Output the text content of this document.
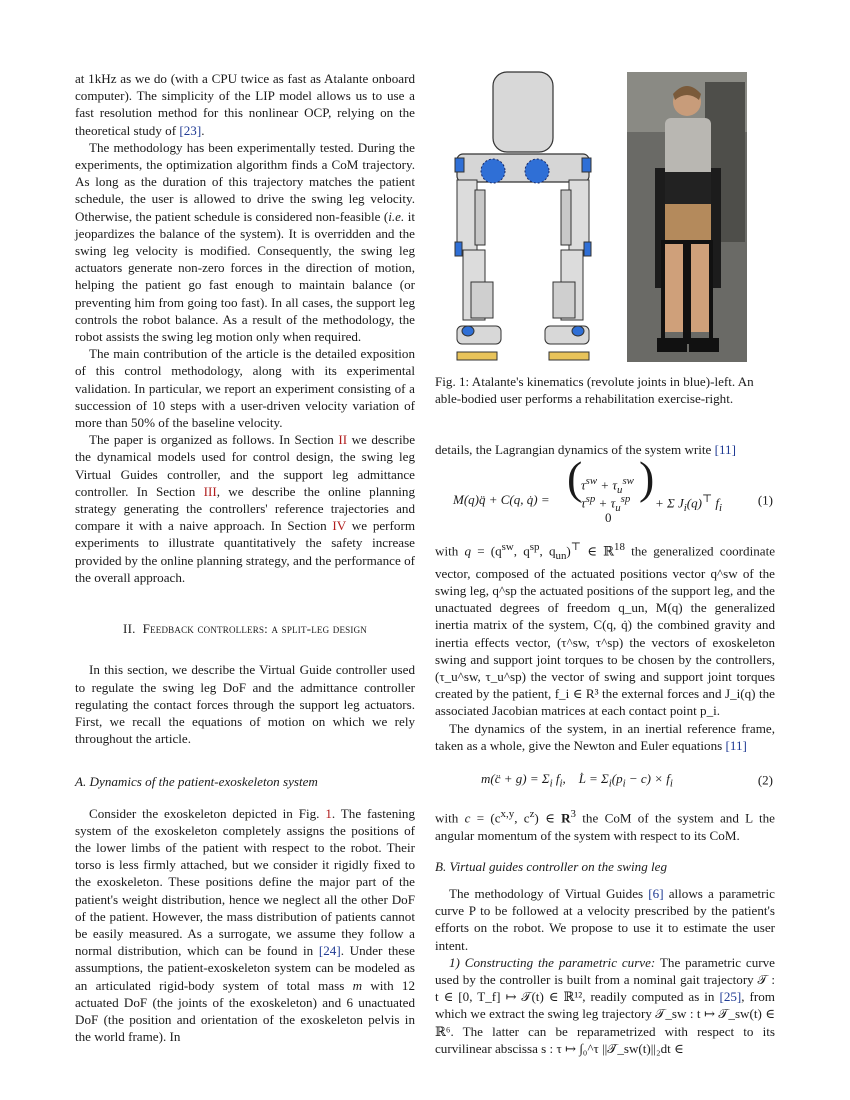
at 1kHz as we do (with a CPU twice as fast as Atalante onboard computer). The simplicity of the LIP model allows us to use a fast resolution method for this nonlinear OCP, relying on the theoretical study of [23].

The methodology has been experimentally tested. During the experiments, the optimization algorithm finds a CoM trajectory. As long as the duration of this trajectory matches the patient schedule, the user is allowed to drive the swing leg velocity. Otherwise, the patient schedule is considered non-feasible (i.e. it jeopardizes the balance of the system). It is overridden and the swing leg velocity is modified. Consequently, the swing leg actuators generate non-zero forces in the direction of motion, helping the patient go fast enough to maintain balance (or preventing him from going too fast). In all cases, the support leg controls the robot balance. As a result of the methodology, the robot assists the swing leg motion only when required.

The main contribution of the article is the detailed exposition of this control methodology, along with its experimental validation. In particular, we report an experiment consisting of a succession of 10 steps with a user-driven velocity variation of more than 50% of the baseline velocity.

The paper is organized as follows. In Section II we describe the dynamical models used for control design, the swing leg Virtual Guides controller, and the support leg admittance controller. In Section III, we describe the online planning strategy generating the controllers' reference trajectories and compare it with a naive approach. In Section IV we perform experiments to illustrate quantitatively the safety increase provided by the online planning strategy, and the performance of the overall approach.

II. Feedback controllers: a split-leg design

In this section, we describe the Virtual Guide controller used to regulate the swing leg DoF and the admittance controller regulating the contact forces through the support leg actuators. First, we recall the equations of motion on which we rely throughout the article.

A. Dynamics of the patient-exoskeleton system

Consider the exoskeleton depicted in Fig. 1. The fastening system of the exoskeleton completely assigns the positions of the lower limbs of the patient with respect to the robot. Their torso is less firmly attached, but we consider it rigidly fixed to the exoskeleton. These positions define the major part of the patient's weight distribution, hence we neglect all the other DoF of the patient. However, the mass distribution of patients cannot be easily measured. As a surrogate, we assume they follow a normal distribution, which can be found in [24]. Under these assumptions, the patient-exoskeleton system can be modeled as an articulated rigid-body system of total mass m with 12 actuated DoF (the joints of the exoskeleton) and 6 unactuated DoF (the position and orientation of the exoskeleton pelvis in the world frame). In

Fig. 1: Atalante's kinematics (revolute joints in blue)-left. An able-bodied user performs a rehabilitation exercise-right.

details, the Lagrangian dynamics of the system write [11]

M(q)q̈ + C(q, q̇) = (
$\tau^{sw} + \tau_u^{sw}$
$\tau^{sp} + \tau_u^{sp}$
0
) + Σ $J_i(q)^⊤$ $f_i$
(1)

with $q = (q^{sw}$, $q^{sp}$, $q_{un})^⊤$ ∈ ℝ$^{18}$ the generalized coordinate vector, composed of the actuated positions vector q^sw of the swing leg, q^sp the actuated positions of the support leg, and the unactuated degrees of freedom q_un, M(q) the generalized inertia matrix of the system, C(q, q̇) the combined gravity and inertia effects vector, (τ^sw, τ^sp) the vectors of exoskeleton swing and support joint torques to be chosen by the controllers, (τ_u^sw, τ_u^sp) the vector of swing and support joint torques created by the patient, f_i ∈ R³ the external forces and J_i(q) the associated Jacobian matrices at each contact point p_i.

The dynamics of the system, in an inertial reference frame, taken as a whole, give the Newton and Euler equations [11]

m(c̈ + $g) = \Sigma_i$ $f_i$,    L̇ = $\Sigma_i(p_i - c) \times f_i$	(2)

with $c = (c^{x,y}$, $c^z$) ∈ $R^3$ the CoM of the system and L the angular momentum of the system with respect to its CoM.

B. Virtual guides controller on the swing leg

The methodology of Virtual Guides [6] allows a parametric curve P to be followed at a velocity prescribed by the patient's efforts on the robot. We propose to use it to estimate the user intent.

1) Constructing the parametric curve: The parametric curve used by the controller is built from a nominal gait trajectory 𝒯 : t ∈ [0, T_f] ↦ 𝒯(t) ∈ ℝ¹², readily computed as in [25], from which we extract the swing leg trajectory 𝒯_sw : t ↦ 𝒯_sw(t) ∈ ℝ⁶. The latter can be reparametrized with respect to its curvilinear abscissa s : τ ↦ ∫₀^τ ||𝒯̇_sw(t)||₂dt ∈
